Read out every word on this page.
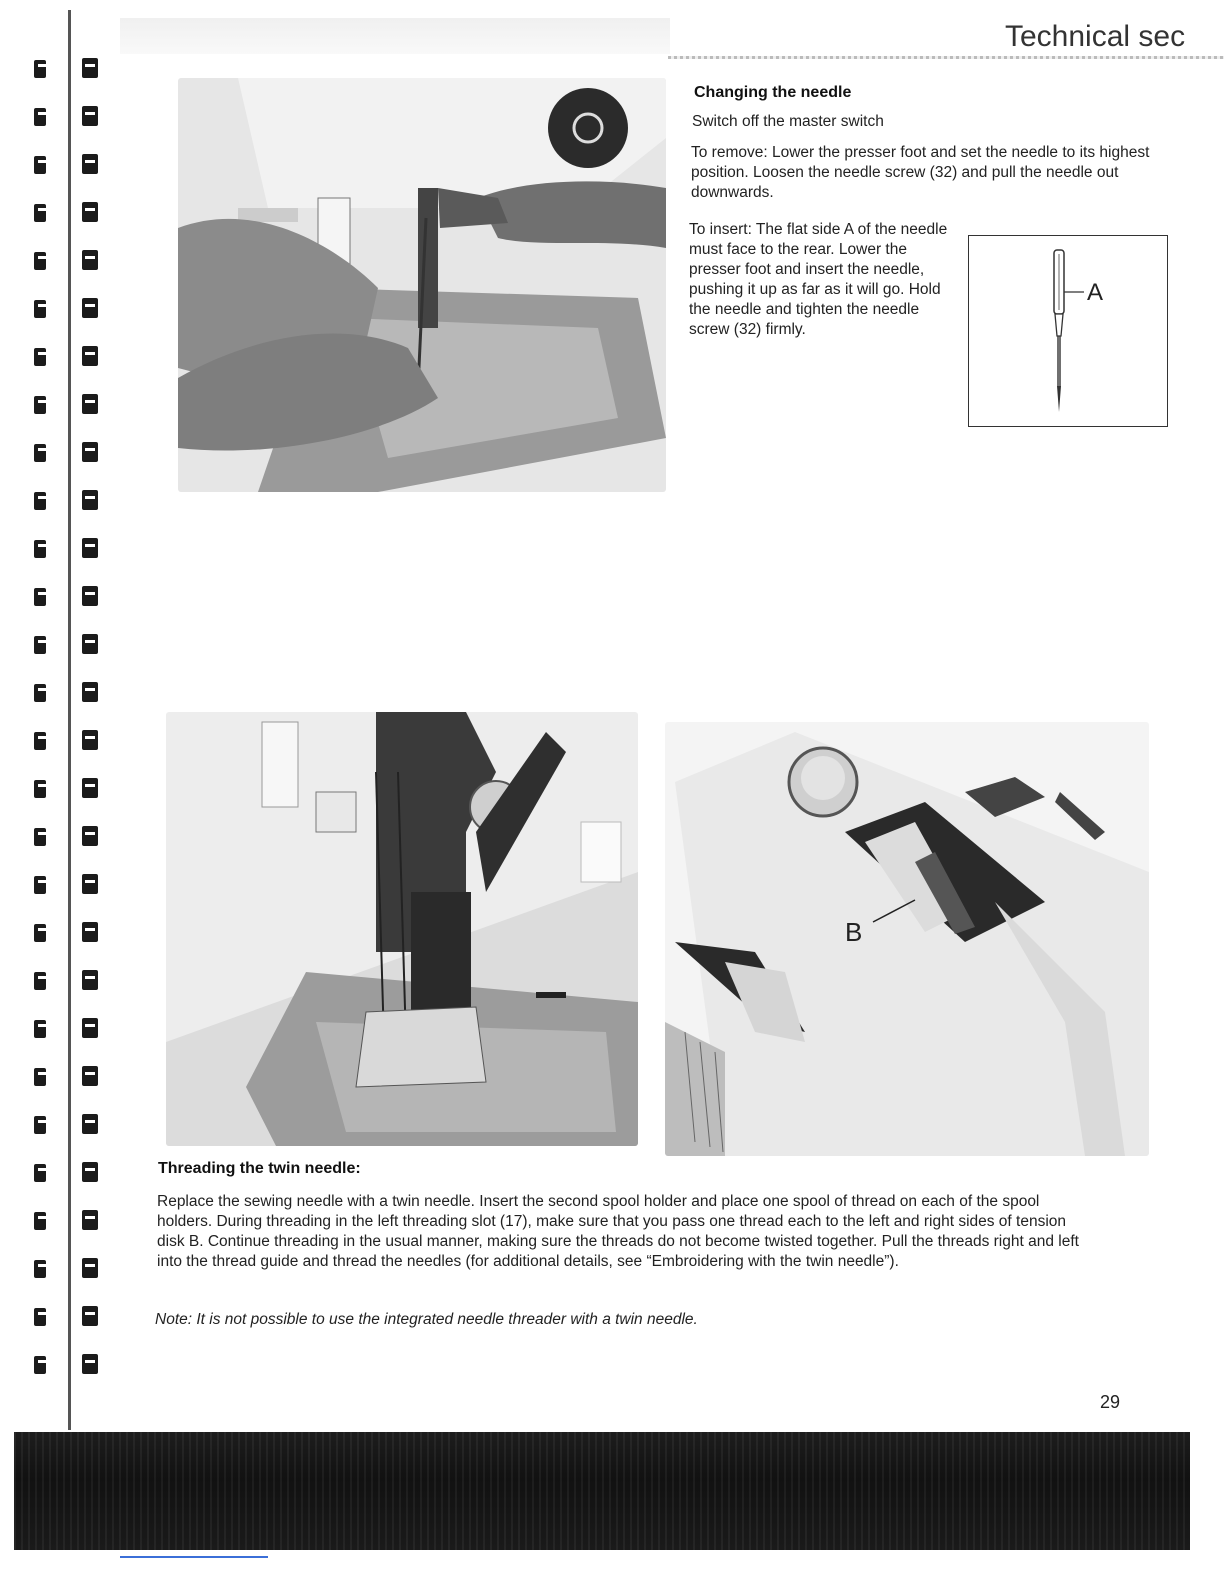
Technical sec
Changing the needle

Switch off the master switch

To remove: Lower the presser foot and set the needle to its highest position. Loosen the needle screw (32) and pull the needle out downwards.

To insert: The flat side A of the needle must face to the rear. Lower the presser foot and insert the needle, pushing it up as far as it will go. Hold the needle and tighten the needle screw (32) firmly.

A
B
Threading the twin needle:

Replace the sewing needle with a twin needle. Insert the second spool holder and place one spool of thread on each of the spool holders. During threading in the left threading slot (17), make sure that you pass one thread each to the left and right sides of tension disk B. Continue threading in the usual manner, making sure the threads do not become twisted together. Pull the threads right and left into the thread guide and thread the needles (for additional details, see “Embroidering with the twin needle”).

Note: It is not possible to use the integrated needle threader with a twin needle.

29
